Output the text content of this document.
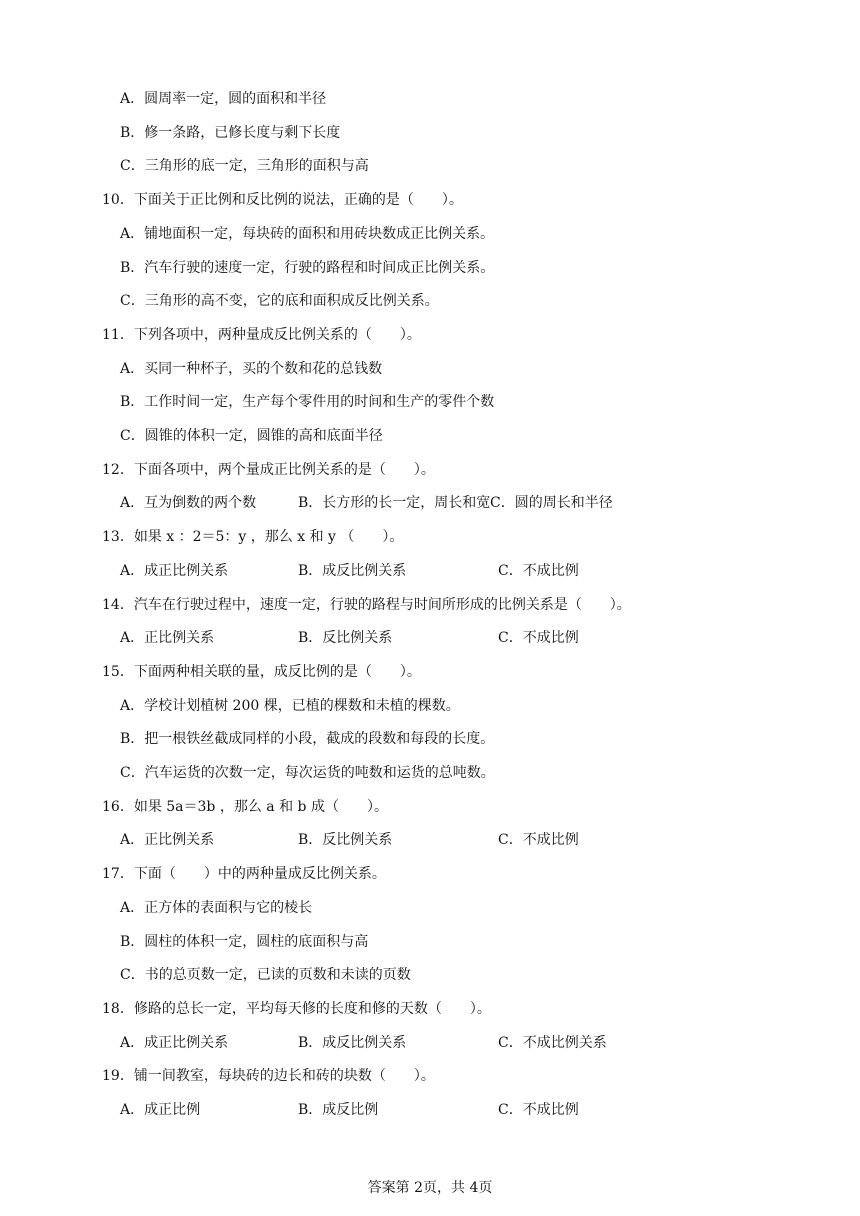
A．圆周率一定，圆的面积和半径
B．修一条路，已修长度与剩下长度
C．三角形的底一定，三角形的面积与高
10．下面关于正比例和反比例的说法，正确的是（　　）。
A．铺地面积一定，每块砖的面积和用砖块数成正比例关系。
B．汽车行驶的速度一定，行驶的路程和时间成正比例关系。
C．三角形的高不变，它的底和面积成反比例关系。
11．下列各项中，两种量成反比例关系的（　　）。
A．买同一种杯子，买的个数和花的总钱数
B．工作时间一定，生产每个零件用的时间和生产的零件个数
C．圆锥的体积一定，圆锥的高和底面半径
12．下面各项中，两个量成正比例关系的是（　　）。
A．互为倒数的两个数	B．长方形的长一定，周长和宽 C．圆的周长和半径
13．如果 x ：2＝5：y ，那么 x 和 y （　　）。
A．成正比例关系	B．成反比例关系	C．不成比例
14．汽车在行驶过程中，速度一定，行驶的路程与时间所形成的比例关系是（　　）。
A．正比例关系	B．反比例关系	C．不成比例
15．下面两种相关联的量，成反比例的是（　　）。
A．学校计划植树 200 棵，已植的棵数和未植的棵数。
B．把一根铁丝截成同样的小段，截成的段数和每段的长度。
C．汽车运货的次数一定，每次运货的吨数和运货的总吨数。
16．如果 5a＝3b ，那么 a 和 b 成（　　）。
A．正比例关系	B．反比例关系	C．不成比例
17．下面（　　）中的两种量成反比例关系。
A．正方体的表面积与它的棱长
B．圆柱的体积一定，圆柱的底面积与高
C．书的总页数一定，已读的页数和未读的页数
18．修路的总长一定，平均每天修的长度和修的天数（　　）。
A．成正比例关系	B．成反比例关系	C．不成比例关系
19．铺一间教室，每块砖的边长和砖的块数（　　）。
A．成正比例	B．成反比例	C．不成比例
答案第 2页，共 4页
